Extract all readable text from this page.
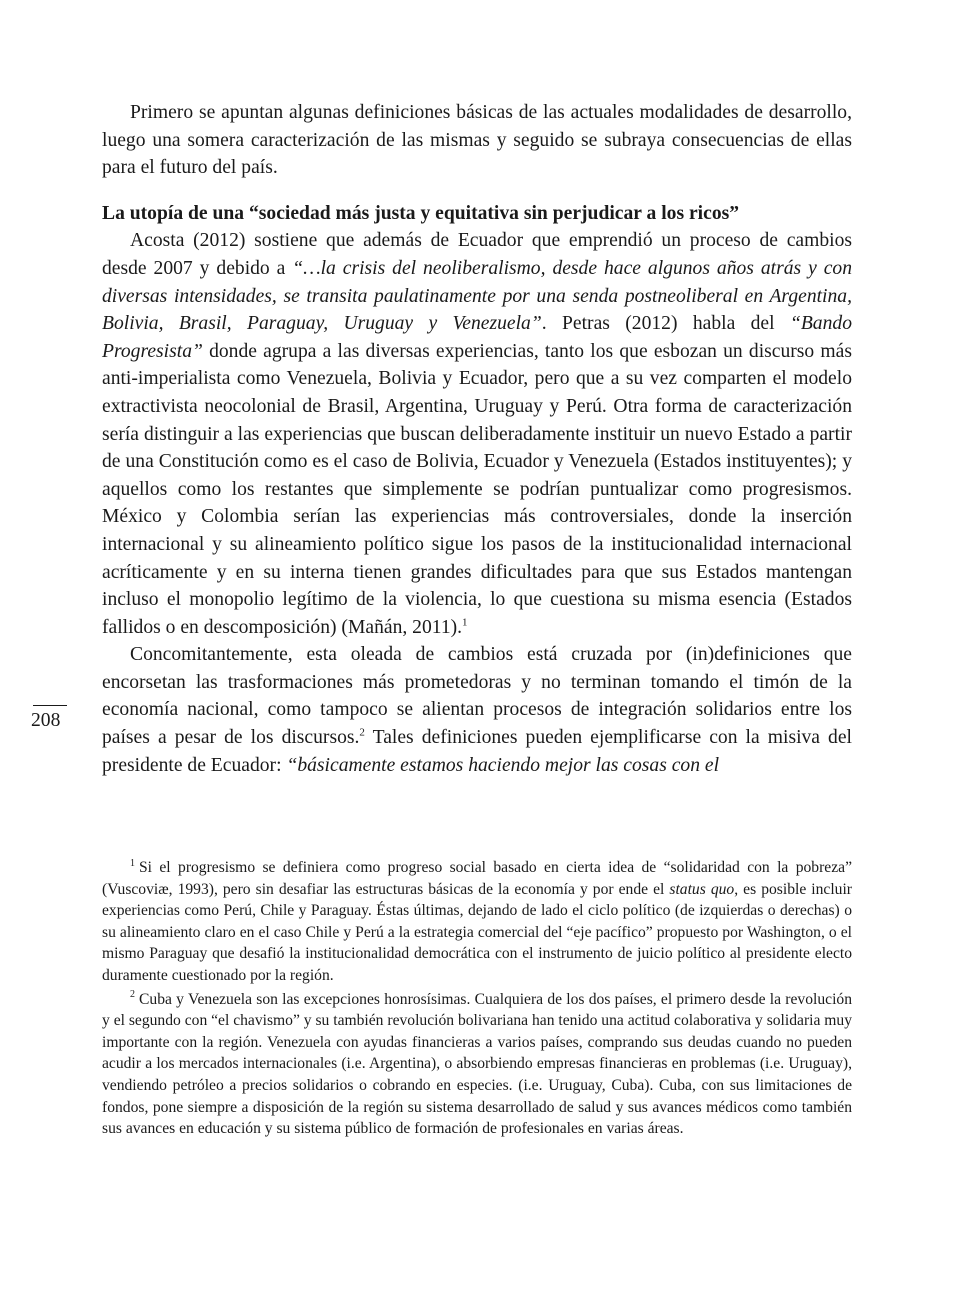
Primero se apuntan algunas definiciones básicas de las actuales modalidades de desarrollo, luego una somera caracterización de las mismas y seguido se subraya consecuencias de ellas para el futuro del país.

La utopía de una “sociedad más justa y equitativa sin perjudicar a los ricos”

Acosta (2012) sostiene que además de Ecuador que emprendió un proceso de cambios desde 2007 y debido a “…la crisis del neoliberalismo, desde hace algunos años atrás y con diversas intensidades, se transita paulatinamente por una senda postneoliberal en Argentina, Bolivia, Brasil, Paraguay, Uruguay y Venezuela”. Petras (2012) habla del “Bando Progresista” donde agrupa a las diversas experiencias, tanto los que esbozan un discurso más anti-imperialista como Venezuela, Bolivia y Ecuador, pero que a su vez comparten el modelo extractivista neocolonial de Brasil, Argentina, Uruguay y Perú. Otra forma de caracterización sería distinguir a las experiencias que buscan deliberadamente instituir un nuevo Estado a partir de una Constitución como es el caso de Bolivia, Ecuador y Venezuela (Estados instituyentes); y aquellos como los restantes que simplemente se podrían puntualizar como progresismos. México y Colombia serían las experiencias más controversiales, donde la inserción internacional y su alineamiento político sigue los pasos de la institucionalidad internacional acríticamente y en su interna tienen grandes dificultades para que sus Estados mantengan incluso el monopolio legítimo de la violencia, lo que cuestiona su misma esencia (Estados fallidos o en descomposición) (Mañán, 2011).$^1$

Concomitantemente, esta oleada de cambios está cruzada por (in)definiciones que encorsetan las trasformaciones más prometedoras y no terminan tomando el timón de la economía nacional, como tampoco se alientan procesos de integración solidarios entre los países a pesar de los discursos.$^2$ Tales definiciones pueden ejemplificarse con la misiva del presidente de Ecuador: “básicamente estamos haciendo mejor las cosas con el

208

$^1$ Si el progresismo se definiera como progreso social basado en cierta idea de “solidaridad con la pobreza” (Vuscoviæ, 1993), pero sin desafiar las estructuras básicas de la economía y por ende el status quo, es posible incluir experiencias como Perú, Chile y Paraguay. Éstas últimas, dejando de lado el ciclo político (de izquierdas o derechas) o su alineamiento claro en el caso Chile y Perú a la estrategia comercial del “eje pacífico” propuesto por Washington, o el mismo Paraguay que desafió la institucionalidad democrática con el instrumento de juicio político al presidente electo duramente cuestionado por la región.

$^2$ Cuba y Venezuela son las excepciones honrosísimas. Cualquiera de los dos países, el primero desde la revolución y el segundo con “el chavismo” y su también revolución bolivariana han tenido una actitud colaborativa y solidaria muy importante con la región. Venezuela con ayudas financieras a varios países, comprando sus deudas cuando no pueden acudir a los mercados internacionales (i.e. Argentina), o absorbiendo empresas financieras en problemas (i.e. Uruguay), vendiendo petróleo a precios solidarios o cobrando en especies. (i.e. Uruguay, Cuba). Cuba, con sus limitaciones de fondos, pone siempre a disposición de la región su sistema desarrollado de salud y sus avances médicos como también sus avances en educación y su sistema público de formación de profesionales en varias áreas.
